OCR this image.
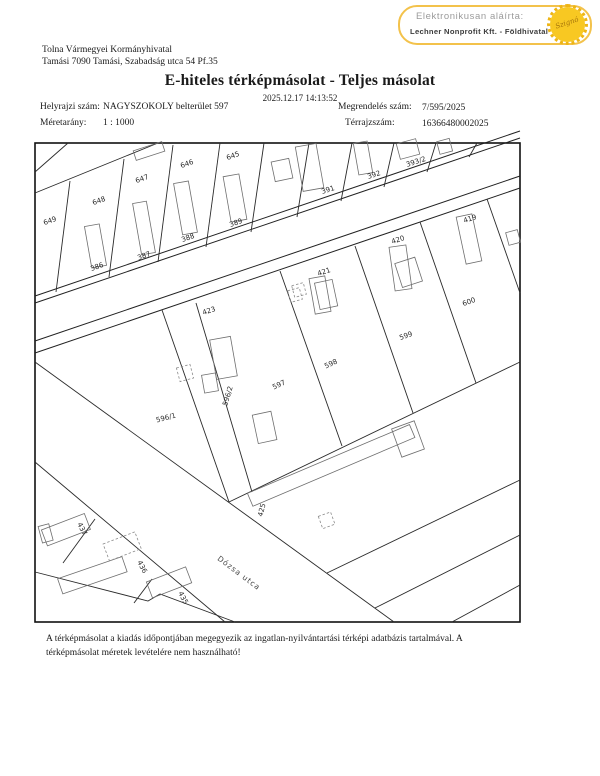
Elektronikusan aláírta:
Lechner Nonprofit Kft. - Földhivatal
Szignó
Tolna Vármegyei Kormányhivatal
Tamási 7090 Tamási, Szabadság utca 54 Pf.35
E-hiteles térképmásolat - Teljes másolat
2025.12.17 14:13:52
Helyrajzi szám: NAGYSZOKOLY belterület 597	Megrendelés szám: 7/595/2025
Méretarány: 1 : 1000	Térrajzszám:	16366480002025
649
648
647
646
645
386
387
388
389
391
392
393/2
421
420
419
423
597
598
599
600
596/1
596/2
425
437
436
435
Dózsa utca
A térképmásolat a kiadás időpontjában megegyezik az ingatlan-nyilvántartási térképi adatbázis tartalmával. A térképmásolat méretek levételére nem használható!
